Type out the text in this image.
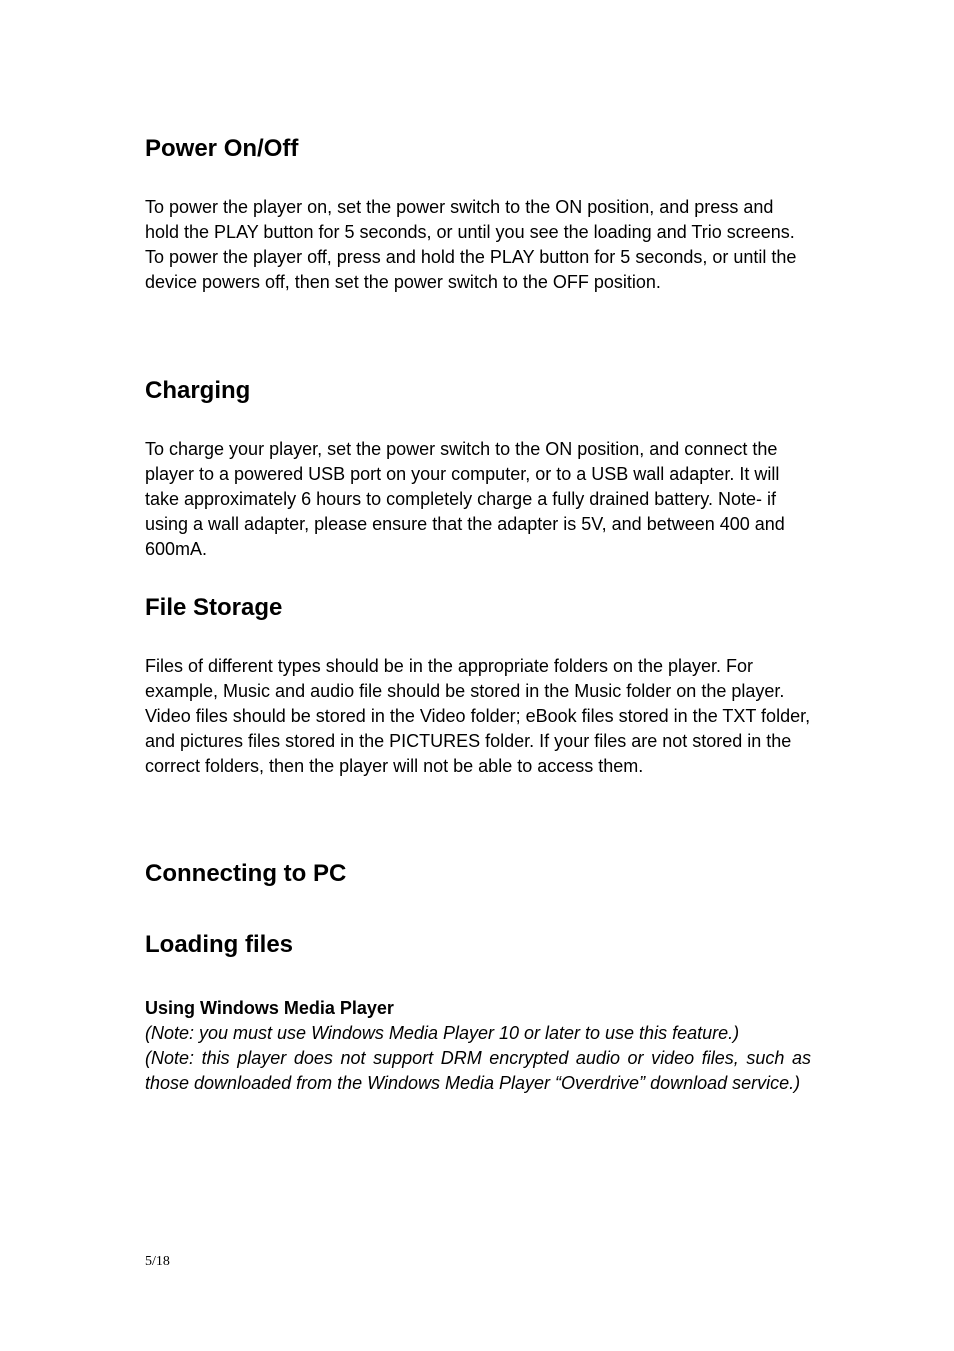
Power On/Off

To power the player on, set the power switch to the ON position, and press and hold the PLAY button for 5 seconds, or until you see the loading and Trio screens. To power the player off, press and hold the PLAY button for 5 seconds, or until the device powers off, then set the power switch to the OFF position.

Charging

To charge your player, set the power switch to the ON position, and connect the player to a powered USB port on your computer, or to a USB wall adapter. It will take approximately 6 hours to completely charge a fully drained battery. Note- if using a wall adapter, please ensure that the adapter is 5V, and between 400 and 600mA.

File Storage

Files of different types should be in the appropriate folders on the player. For example, Music and audio file should be stored in the Music folder on the player. Video files should be stored in the Video folder; eBook files stored in the TXT folder, and pictures files stored in the PICTURES folder. If your files are not stored in the correct folders, then the player will not be able to access them.

Connecting to PC
Loading files

Using Windows Media Player

(Note: you must use Windows Media Player 10 or later to use this feature.)
(Note: this player does not support DRM encrypted audio or video files, such as those downloaded from the Windows Media Player “Overdrive” download service.)

5/18
